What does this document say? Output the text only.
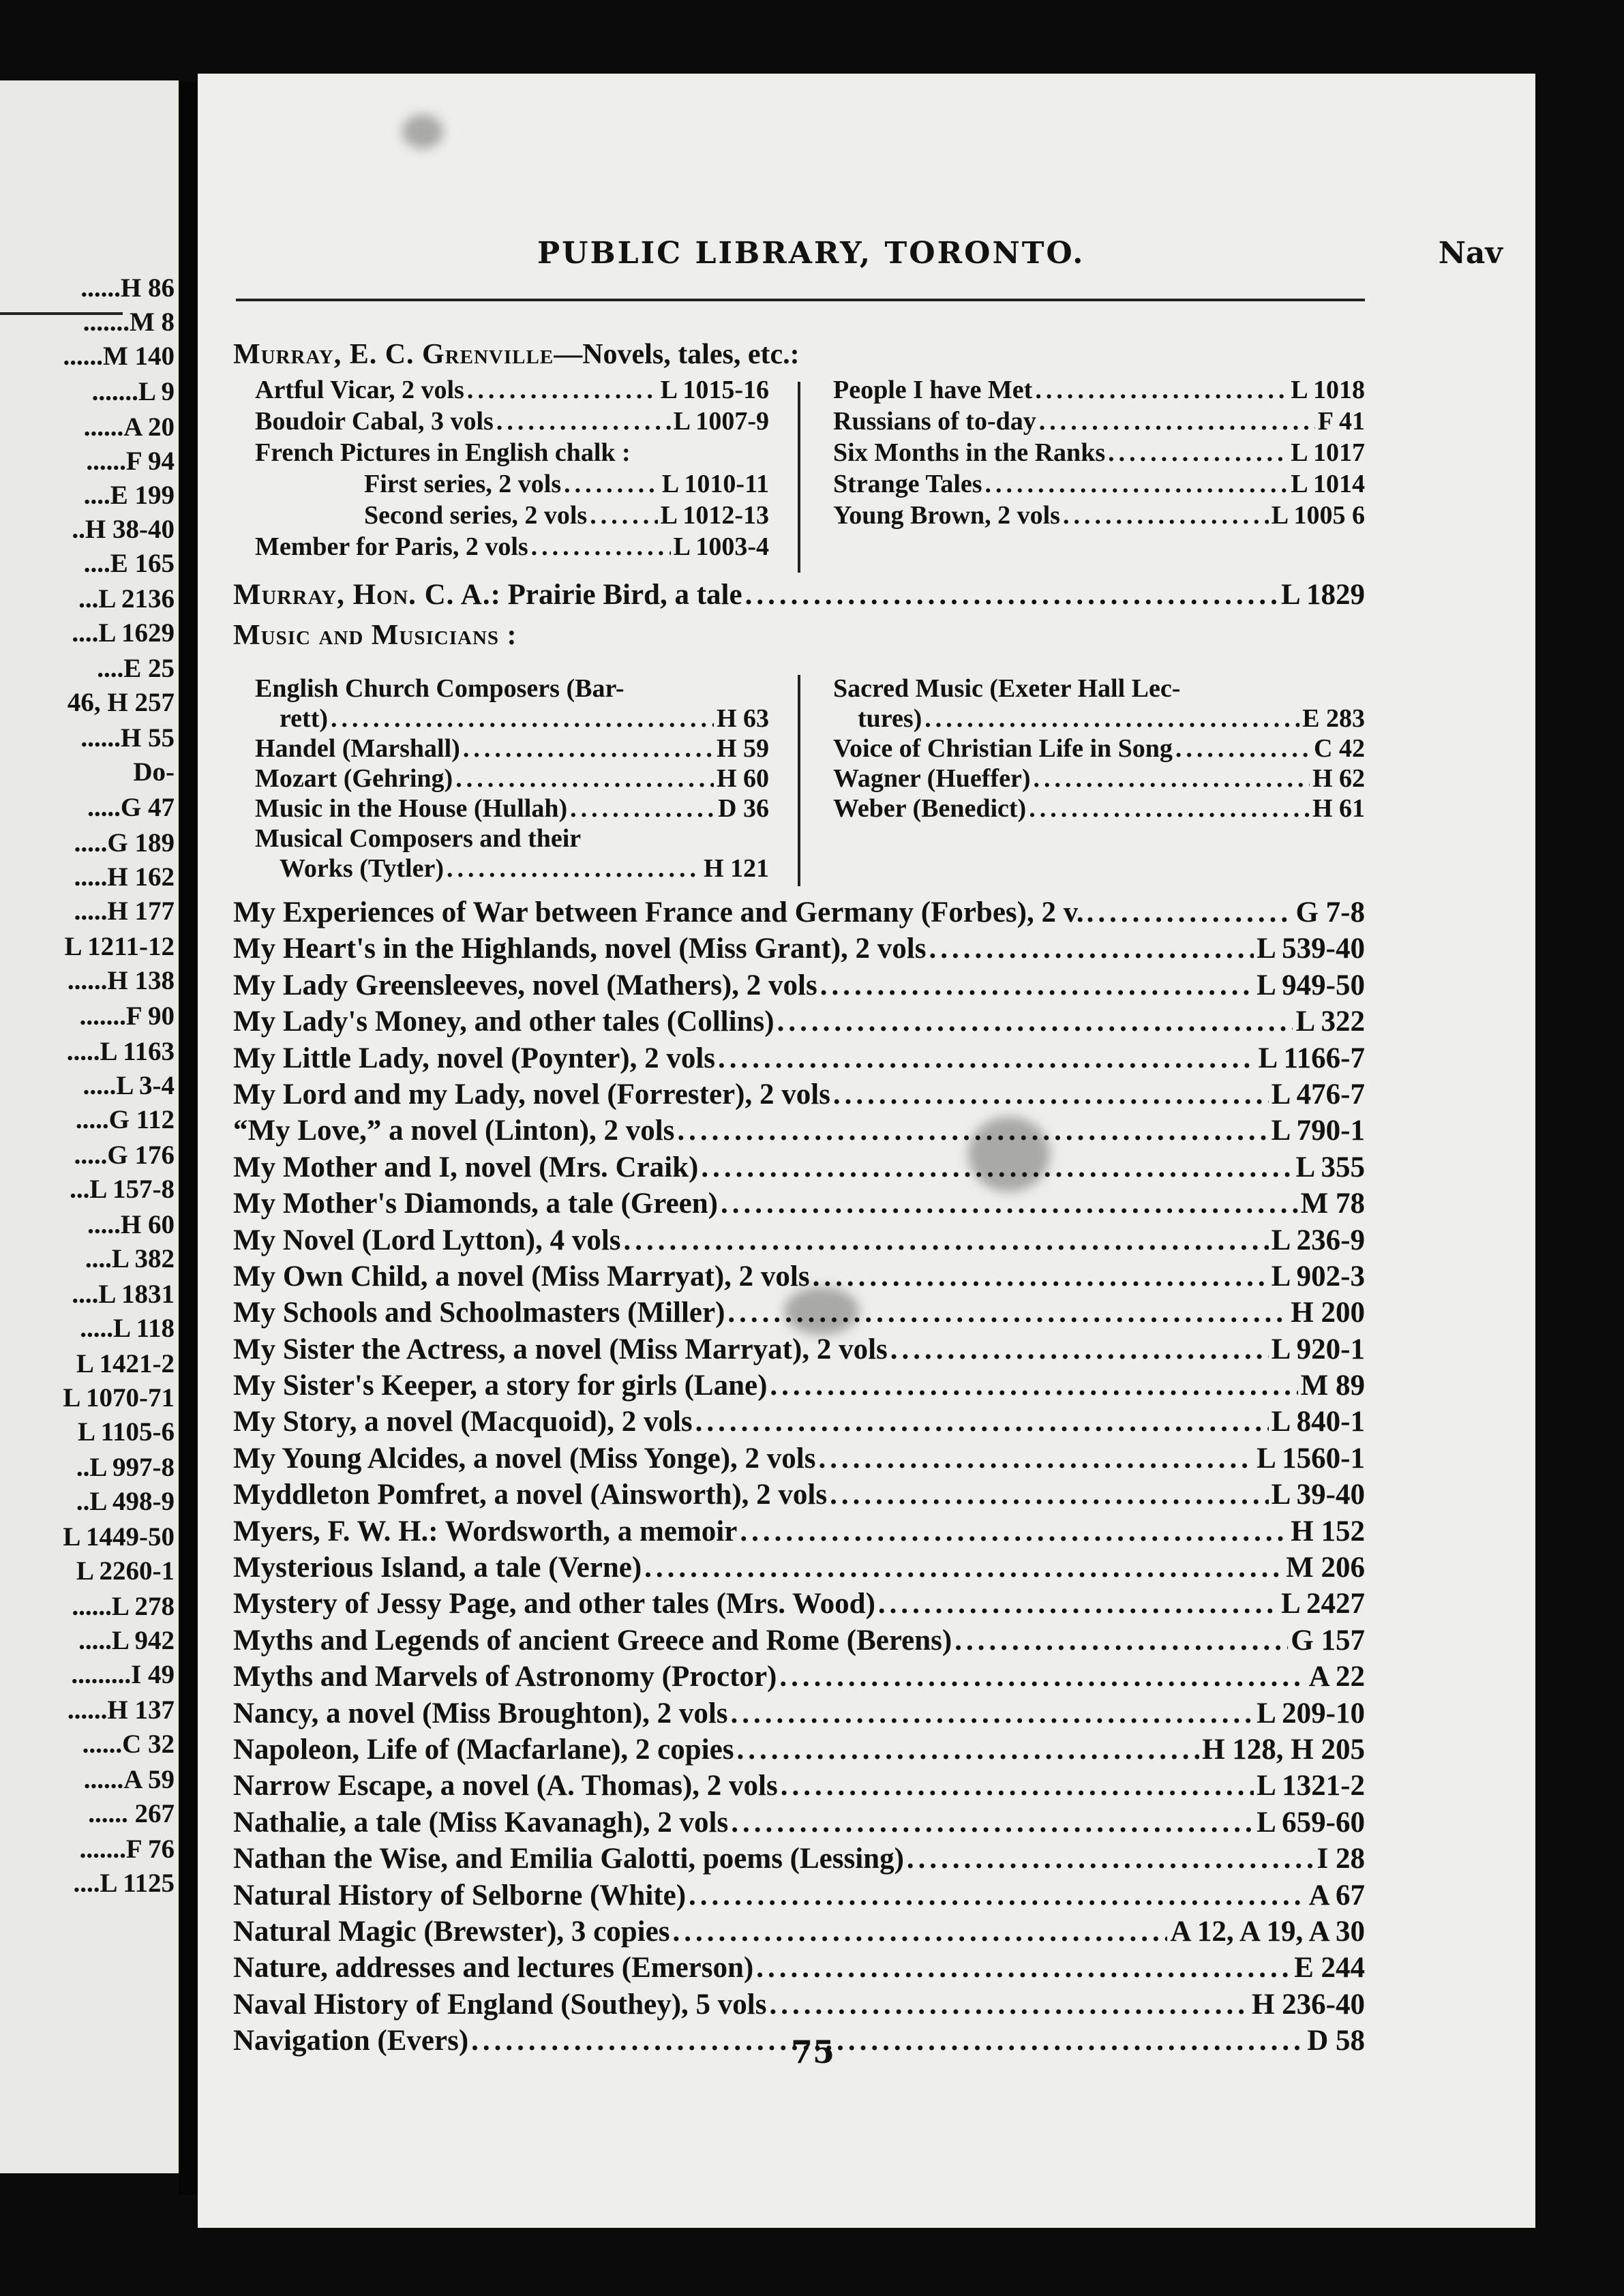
......H 86
.......M 8
......M 140
.......L 9
......A 20
......F 94
....E 199
..H 38-40
....E 165
...L 2136
....L 1629
....E 25
46, H 257
......H 55
Do-
.....G 47
.....G 189
.....H 162
.....H 177
L 1211-12
......H 138
.......F 90
.....L 1163
.....L 3-4
.....G 112
.....G 176
...L 157-8
.....H 60
....L 382
....L 1831
.....L 118
L 1421-2
L 1070-71
L 1105-6
..L 997-8
..L 498-9
L 1449-50
L 2260-1
......L 278
.....L 942
.........I 49
......H 137
......C 32
......A 59
...... 267
.......F 76
....L 1125
PUBLIC LIBRARY, TORONTO.	Nav
Murray, E. C. Grenville—Novels, tales, etc.:
Artful Vicar, 2 vols .....	L 1015-16
Boudoir Cabal, 3 vols .....	L 1007-9
French Pictures in English chalk :
First series, 2 vols .....	L 1010-11
Second series, 2 vols .....	L 1012-13
Member for Paris, 2 vols .....	L 1003-4
People I have Met .....	L 1018
Russians of to-day .....	F 41
Six Months in the Ranks .....	L 1017
Strange Tales .....	L 1014
Young Brown, 2 vols .....	L 1005 6
Murray, Hon. C. A.: Prairie Bird, a tale .....	L 1829
Music and Musicians :
English Church Composers (Bar-
rett) .....	H 63
Handel (Marshall) .....	H 59
Mozart (Gehring) .....	H 60
Music in the House (Hullah) .....	D 36
Musical Composers and their
Works (Tytler) .....	H 121
Sacred Music (Exeter Hall Lec-
tures) .....	E 283
Voice of Christian Life in Song .....	C 42
Wagner (Hueffer) .....	H 62
Weber (Benedict) .....	H 61
My Experiences of War between France and Germany (Forbes), 2 v. .....	G 7-8
My Heart's in the Highlands, novel (Miss Grant), 2 vols .....	L 539-40
My Lady Greensleeves, novel (Mathers), 2 vols .....	L 949-50
My Lady's Money, and other tales (Collins) .....	L 322
My Little Lady, novel (Poynter), 2 vols .....	L 1166-7
My Lord and my Lady, novel (Forrester), 2 vols .....	L 476-7
“My Love,” a novel (Linton), 2 vols .....	L 790-1
My Mother and I, novel (Mrs. Craik) .....	L 355
My Mother's Diamonds, a tale (Green) .....	M 78
My Novel (Lord Lytton), 4 vols .....	L 236-9
My Own Child, a novel (Miss Marryat), 2 vols .....	L 902-3
My Schools and Schoolmasters (Miller) .....	H 200
My Sister the Actress, a novel (Miss Marryat), 2 vols .....	L 920-1
My Sister's Keeper, a story for girls (Lane) .....	M 89
My Story, a novel (Macquoid), 2 vols .....	L 840-1
My Young Alcides, a novel (Miss Yonge), 2 vols .....	L 1560-1
Myddleton Pomfret, a novel (Ainsworth), 2 vols .....	L 39-40
Myers, F. W. H.: Wordsworth, a memoir .....	H 152
Mysterious Island, a tale (Verne) .....	M 206
Mystery of Jessy Page, and other tales (Mrs. Wood) .....	L 2427
Myths and Legends of ancient Greece and Rome (Berens) .....	G 157
Myths and Marvels of Astronomy (Proctor) .....	A 22
Nancy, a novel (Miss Broughton), 2 vols .....	L 209-10
Napoleon, Life of (Macfarlane), 2 copies .....	H 128, H 205
Narrow Escape, a novel (A. Thomas), 2 vols .....	L 1321-2
Nathalie, a tale (Miss Kavanagh), 2 vols .....	L 659-60
Nathan the Wise, and Emilia Galotti, poems (Lessing) .....	I 28
Natural History of Selborne (White) .....	A 67
Natural Magic (Brewster), 3 copies .....	A 12, A 19, A 30
Nature, addresses and lectures (Emerson) .....	E 244
Naval History of England (Southey), 5 vols .....	H 236-40
Navigation (Evers) .....	D 58
75
